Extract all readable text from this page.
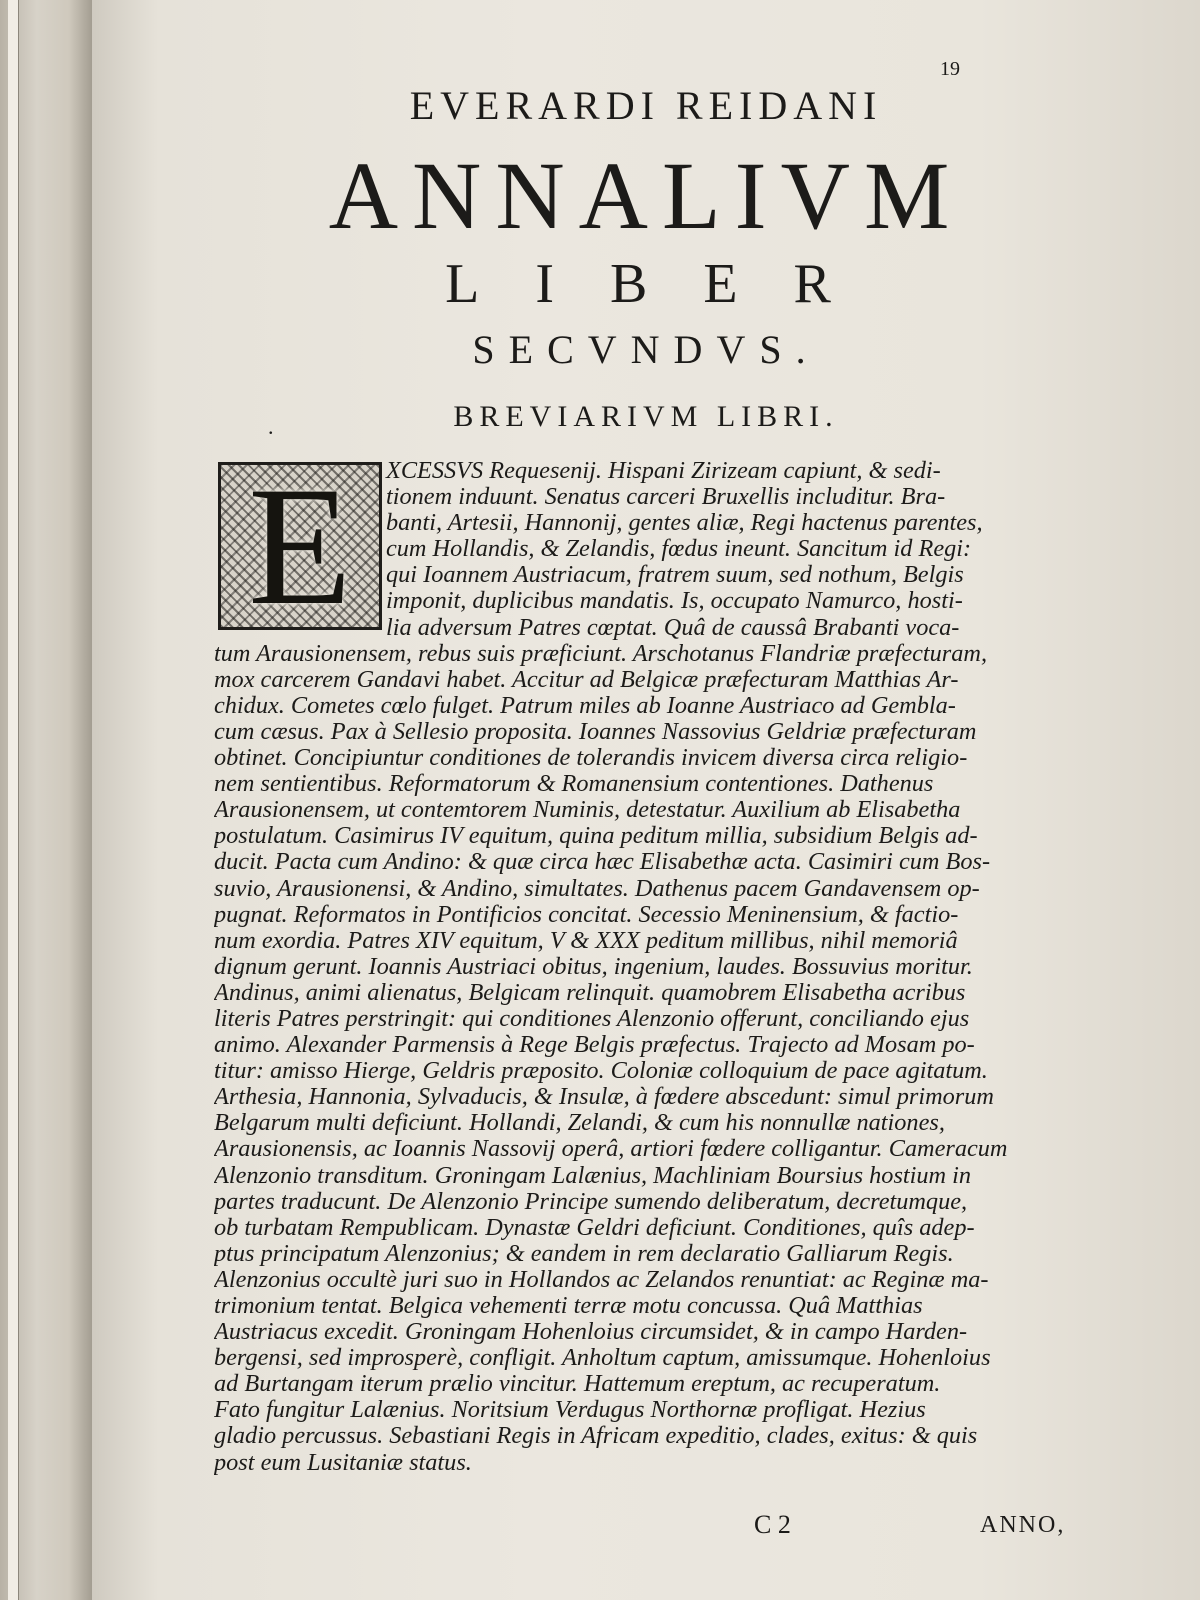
19
EVERARDI REIDANI
ANNALIVM
LIBER
SECVNDVS.
.	BREVIARIVM LIBRI.
E	XCESSVS Requesenij. Hispani Zirizeam capiunt, & sedi-
tionem induunt. Senatus carceri Bruxellis includitur. Bra-
banti, Artesii, Hannonij, gentes aliæ, Regi hactenus parentes,
cum Hollandis, & Zelandis, fœdus ineunt. Sancitum id Regi:
qui Ioannem Austriacum, fratrem suum, sed nothum, Belgis
imponit, duplicibus mandatis. Is, occupato Namurco, hosti-
lia adversum Patres cœptat. Quâ de caussâ Brabanti voca-
tum Arausionensem, rebus suis præficiunt. Arschotanus Flandriæ præfecturam,
mox carcerem Gandavi habet. Accitur ad Belgicæ præfecturam Matthias Ar-
chidux. Cometes cœlo fulget. Patrum miles ab Ioanne Austriaco ad Gembla-
cum cæsus. Pax à Sellesio proposita. Ioannes Nassovius Geldriæ præfecturam
obtinet. Concipiuntur conditiones de tolerandis invicem diversa circa religio-
nem sentientibus. Reformatorum & Romanensium contentiones. Dathenus
Arausionensem, ut contemtorem Numinis, detestatur. Auxilium ab Elisabetha
postulatum. Casimirus IV equitum, quina peditum millia, subsidium Belgis ad-
ducit. Pacta cum Andino: & quæ circa hæc Elisabethæ acta. Casimiri cum Bos-
suvio, Arausionensi, & Andino, simultates. Dathenus pacem Gandavensem op-
pugnat. Reformatos in Pontificios concitat. Secessio Meninensium, & factio-
num exordia. Patres XIV equitum, V & XXX peditum millibus, nihil memoriâ
dignum gerunt. Ioannis Austriaci obitus, ingenium, laudes. Bossuvius moritur.
Andinus, animi alienatus, Belgicam relinquit. quamobrem Elisabetha acribus
literis Patres perstringit: qui conditiones Alenzonio offerunt, conciliando ejus
animo. Alexander Parmensis à Rege Belgis præfectus. Trajecto ad Mosam po-
titur: amisso Hierge, Geldris præposito. Coloniæ colloquium de pace agitatum.
Arthesia, Hannonia, Sylvaducis, & Insulæ, à fœdere abscedunt: simul primorum
Belgarum multi deficiunt. Hollandi, Zelandi, & cum his nonnullæ nationes,
Arausionensis, ac Ioannis Nassovij operâ, artiori fœdere colligantur. Cameracum
Alenzonio transditum. Groningam Lalænius, Machliniam Boursius hostium in
partes traducunt. De Alenzonio Principe sumendo deliberatum, decretumque,
ob turbatam Rempublicam. Dynastæ Geldri deficiunt. Conditiones, quîs adep-
ptus principatum Alenzonius; & eandem in rem declaratio Galliarum Regis.
Alenzonius occultè juri suo in Hollandos ac Zelandos renuntiat: ac Reginæ ma-
trimonium tentat. Belgica vehementi terræ motu concussa. Quâ Matthias
Austriacus excedit. Groningam Hohenloius circumsidet, & in campo Harden-
bergensi, sed improsperè, confligit. Anholtum captum, amissumque. Hohenloius
ad Burtangam iterum prælio vincitur. Hattemum ereptum, ac recuperatum.
Fato fungitur Lalænius. Noritsium Verdugus Northornæ profligat. Hezius
gladio percussus. Sebastiani Regis in Africam expeditio, clades, exitus: & quis
post eum Lusitaniæ status.
C 2	ANNO,
